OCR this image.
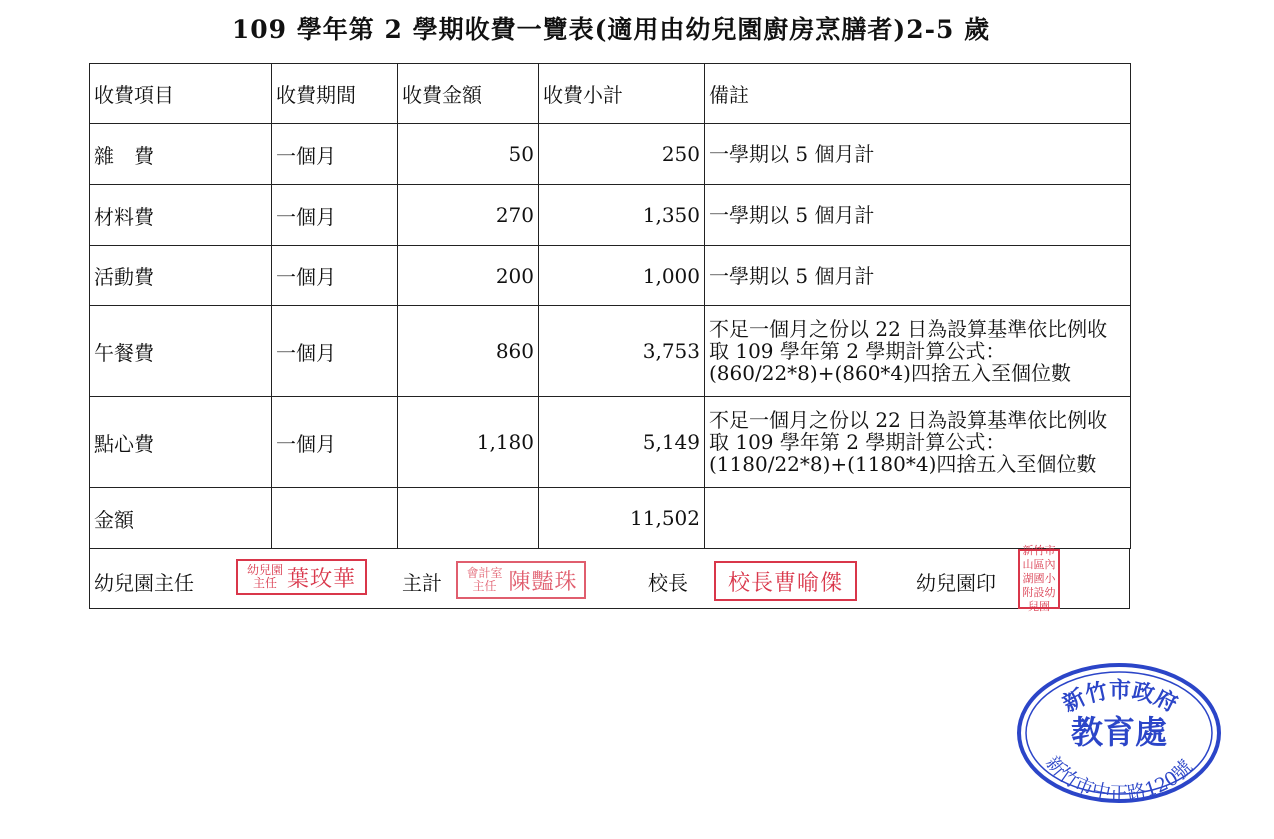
109 學年第 2 學期收費一覽表(適用由幼兒園廚房烹膳者)2-5 歲
收費項目	收費期間	收費金額	收費小計	備註
雜　費	一個月	50	250	一學期以 5 個月計
材料費	一個月	270	1,350	一學期以 5 個月計
活動費	一個月	200	1,000	一學期以 5 個月計
午餐費	一個月	860	3,753	不足一個月之份以 22 日為設算基準依比例收取 109 學年第 2 學期計算公式：(860/22*8)+(860*4)四捨五入至個位數
點心費	一個月	1,180	5,149	不足一個月之份以 22 日為設算基準依比例收取 109 學年第 2 學期計算公式：(1180/22*8)+(1180*4)四捨五入至個位數
金額			11,502	
幼兒園主任
幼兒園主任 葉玫華 主計 會計室主任 陳豔珠	校長 校長曹喻傑	幼兒園印
新竹市山區內湖國小附設幼兒園
新竹市政府
教育處
新竹市中正路120號
